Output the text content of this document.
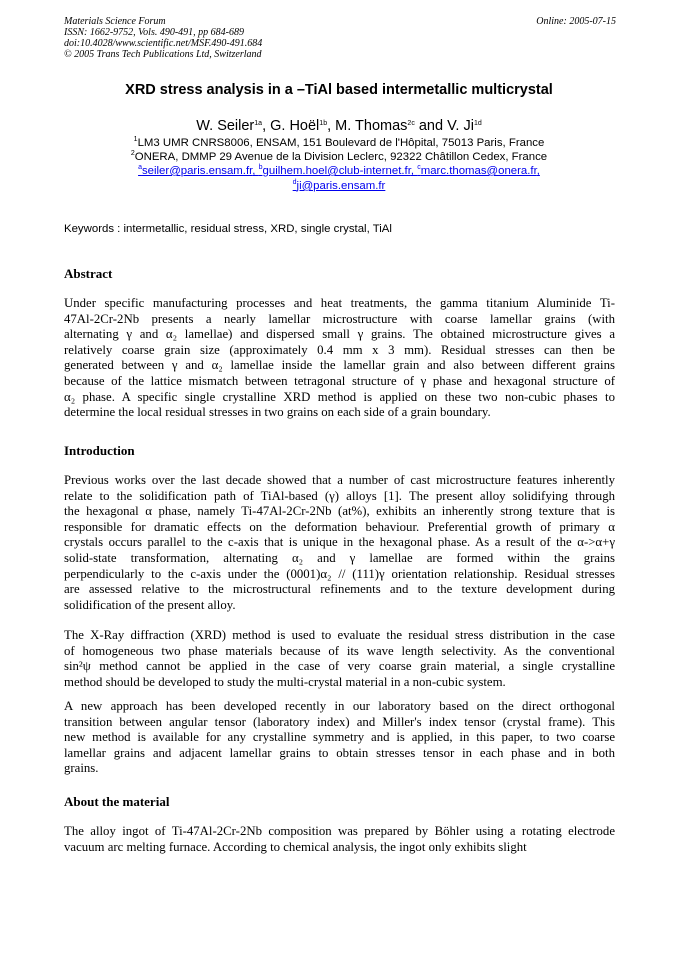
Materials Science Forum
ISSN: 1662-9752, Vols. 490-491, pp 684-689
doi:10.4028/www.scientific.net/MSF.490-491.684
© 2005 Trans Tech Publications Ltd, Switzerland
Online: 2005-07-15
XRD stress analysis in a –TiAl based intermetallic multicrystal
W. Seiler$^{1a}$, G. Hoël$^{1b}$, M. Thomas$^{2c}$ and V. $Ji^{1d}$
$^1$LM3 UMR CNRS8006, ENSAM, 151 Boulevard de l'Hôpital, 75013 Paris, France
$^2$ONERA, DMMP 29 Avenue de la Division Leclerc, 92322 Châtillon Cedex, France
$^a$seiler@paris.ensam.fr, $^b$guilhem.hoel@club-internet.fr, $^c$marc.thomas@onera.fr,
$^d$ji@paris.ensam.fr
Keywords : intermetallic, residual stress, XRD, single crystal, TiAl
Abstract
Under specific manufacturing processes and heat treatments, the gamma titanium Aluminide Ti-
47Al-2Cr-2Nb presents a nearly lamellar microstructure with coarse lamellar grains (with
alternating γ and α₂ lamellae) and dispersed small γ grains. The obtained microstructure gives a
relatively coarse grain size (approximately 0.4 mm x 3 mm). Residual stresses can then be
generated between γ and α₂ lamellae inside the lamellar grain and also between different grains
because of the lattice mismatch between tetragonal structure of γ phase and hexagonal structure of
α₂ phase. A specific single crystalline XRD method is applied on these two non-cubic phases to
determine the local residual stresses in two grains on each side of a grain boundary.
Introduction
Previous works over the last decade showed that a number of cast microstructure features inherently
relate to the solidification path of TiAl-based (γ) alloys [1]. The present alloy solidifying through
the hexagonal α phase, namely Ti-47Al-2Cr-2Nb (at%), exhibits an inherently strong texture that is
responsible for dramatic effects on the deformation behaviour. Preferential growth of primary α
crystals occurs parallel to the c-axis that is unique in the hexagonal phase. As a result of the α->α+γ
solid-state transformation, alternating α₂ and γ lamellae are formed within the grains
perpendicularly to the c-axis under the (0001)α₂ // (111)γ orientation relationship. Residual stresses
are assessed relative to the microstructural refinements and to the texture development during
solidification of the present alloy.
The X-Ray diffraction (XRD) method is used to evaluate the residual stress distribution in the case
of homogeneous two phase materials because of its wave length selectivity. As the conventional
sin²ψ method cannot be applied in the case of very coarse grain material, a single crystalline
method should be developed to study the multi-crystal material in a non-cubic system.
A new approach has been developed recently in our laboratory based on the direct orthogonal
transition between angular tensor (laboratory index) and Miller's index tensor (crystal frame). This
new method is available for any crystalline symmetry and is applied, in this paper, to two coarse
lamellar grains and adjacent lamellar grains to obtain stresses tensor in each phase and in both
grains.
About the material
The alloy ingot of Ti-47Al-2Cr-2Nb composition was prepared by Böhler using a rotating electrode
vacuum arc melting furnace. According to chemical analysis, the ingot only exhibits slight
